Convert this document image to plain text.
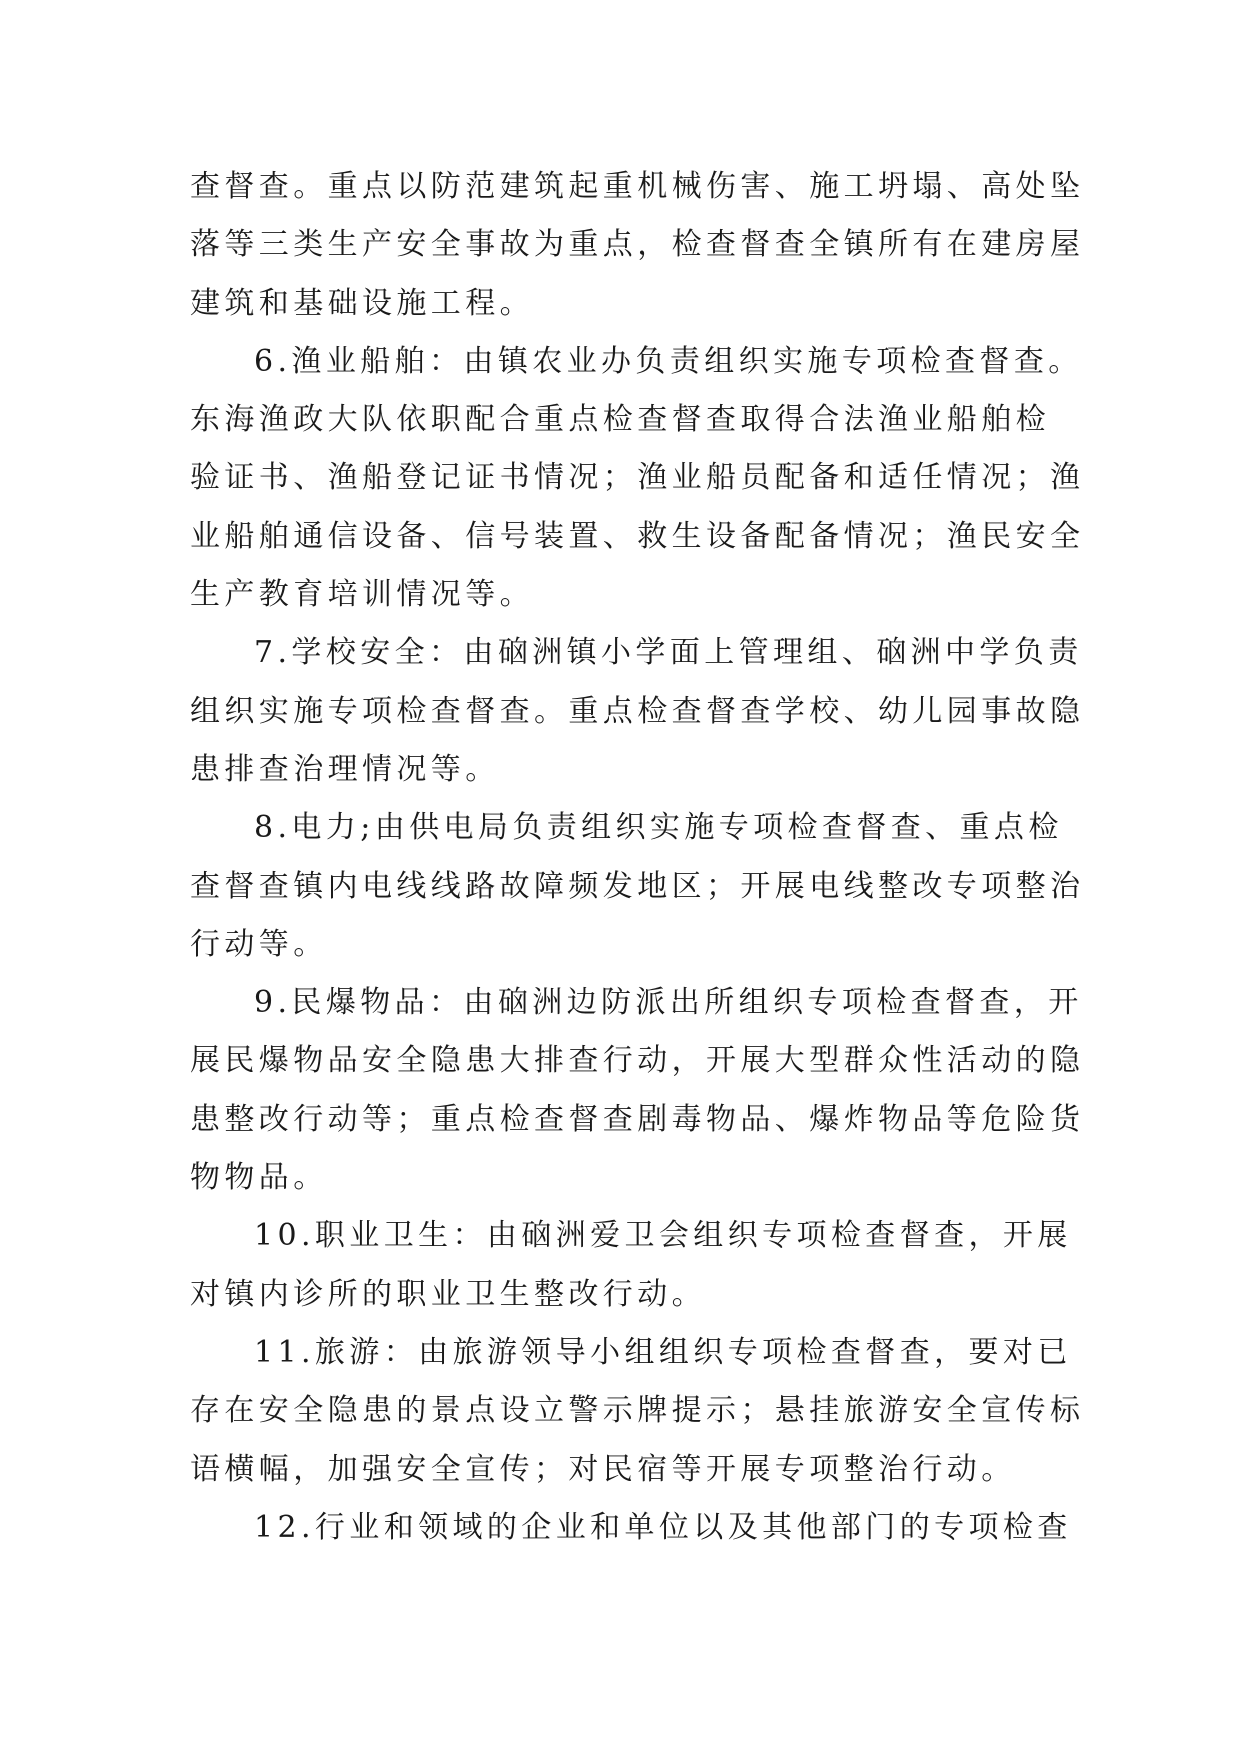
查督查。重点以防范建筑起重机械伤害、施工坍塌、高处坠
落等三类生产安全事故为重点，检查督查全镇所有在建房屋
建筑和基础设施工程。
6.渔业船舶：由镇农业办负责组织实施专项检查督查。
东海渔政大队依职配合重点检查督查取得合法渔业船舶检
验证书、渔船登记证书情况；渔业船员配备和适任情况；渔
业船舶通信设备、信号装置、救生设备配备情况；渔民安全
生产教育培训情况等。
7.学校安全：由硇洲镇小学面上管理组、硇洲中学负责
组织实施专项检查督查。重点检查督查学校、幼儿园事故隐
患排查治理情况等。
8.电力;由供电局负责组织实施专项检查督查、重点检
查督查镇内电线线路故障频发地区；开展电线整改专项整治
行动等。
9.民爆物品：由硇洲边防派出所组织专项检查督查，开
展民爆物品安全隐患大排查行动，开展大型群众性活动的隐
患整改行动等；重点检查督查剧毒物品、爆炸物品等危险货
物物品。
10.职业卫生：由硇洲爱卫会组织专项检查督查，开展
对镇内诊所的职业卫生整改行动。
11.旅游：由旅游领导小组组织专项检查督查，要对已
存在安全隐患的景点设立警示牌提示；悬挂旅游安全宣传标
语横幅，加强安全宣传；对民宿等开展专项整治行动。
12.行业和领域的企业和单位以及其他部门的专项检查
